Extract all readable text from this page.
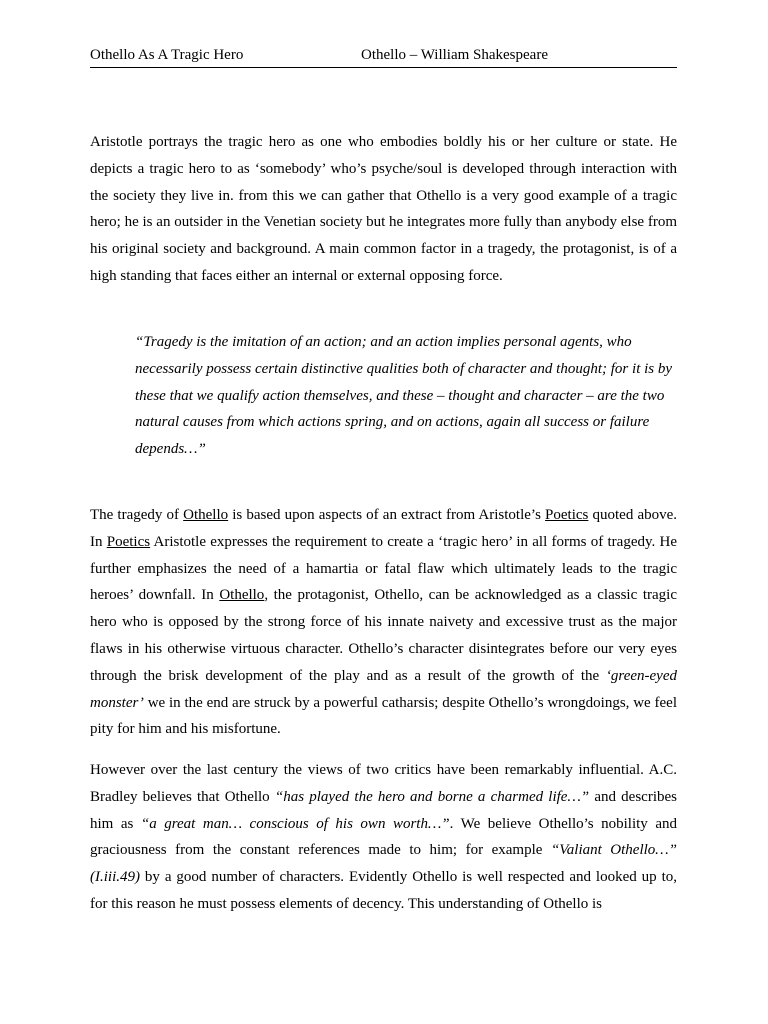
Othello As A Tragic Hero	Othello – William Shakespeare

Aristotle portrays the tragic hero as one who embodies boldly his or her culture or state. He depicts a tragic hero to as ‘somebody’ who’s psyche/soul is developed through interaction with the society they live in. from this we can gather that Othello is a very good example of a tragic hero; he is an outsider in the Venetian society but he integrates more fully than anybody else from his original society and background. A main common factor in a tragedy, the protagonist, is of a high standing that faces either an internal or external opposing force.

“Tragedy is the imitation of an action; and an action implies personal agents, who necessarily possess certain distinctive qualities both of character and thought; for it is by these that we qualify action themselves, and these – thought and character – are the two natural causes from which actions spring, and on actions, again all success or failure depends…”

The tragedy of Othello is based upon aspects of an extract from Aristotle’s Poetics quoted above. In Poetics Aristotle expresses the requirement to create a ‘tragic hero’ in all forms of tragedy. He further emphasizes the need of a hamartia or fatal flaw which ultimately leads to the tragic heroes’ downfall. In Othello, the protagonist, Othello, can be acknowledged as a classic tragic hero who is opposed by the strong force of his innate naivety and excessive trust as the major flaws in his otherwise virtuous character. Othello’s character disintegrates before our very eyes through the brisk development of the play and as a result of the growth of the ‘green-eyed monster’ we in the end are struck by a powerful catharsis; despite Othello’s wrongdoings, we feel pity for him and his misfortune.

However over the last century the views of two critics have been remarkably influential. A.C. Bradley believes that Othello “has played the hero and borne a charmed life…” and describes him as “a great man… conscious of his own worth…”. We believe Othello’s nobility and graciousness from the constant references made to him; for example “Valiant Othello…” (I.iii.49) by a good number of characters. Evidently Othello is well respected and looked up to, for this reason he must possess elements of decency. This understanding of Othello is
